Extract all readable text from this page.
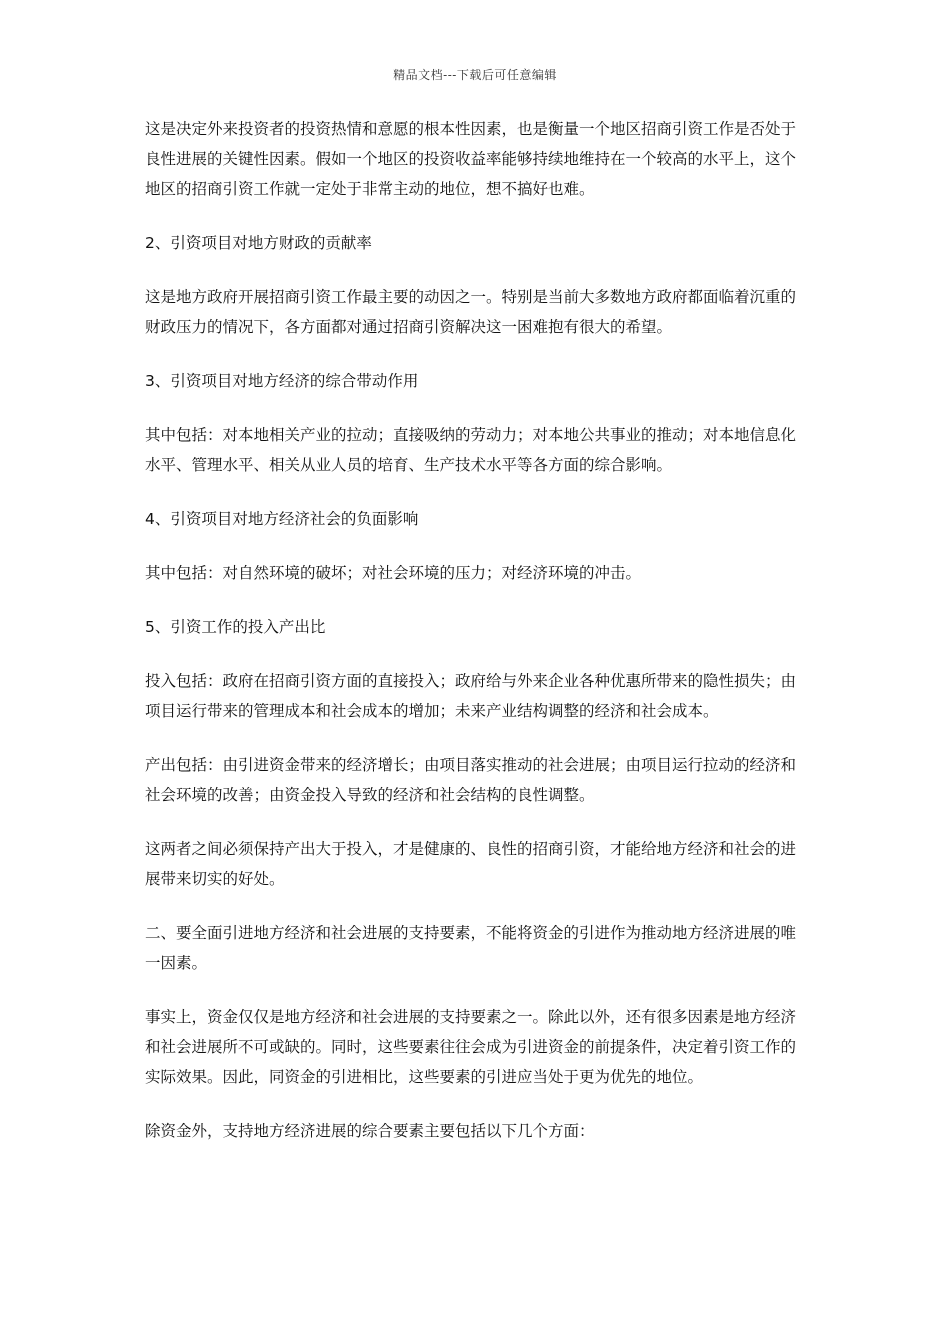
精品文档---下载后可任意编辑

这是决定外来投资者的投资热情和意愿的根本性因素，也是衡量一个地区招商引资工作是否处于良性进展的关键性因素。假如一个地区的投资收益率能够持续地维持在一个较高的水平上，这个地区的招商引资工作就一定处于非常主动的地位，想不搞好也难。

2、引资项目对地方财政的贡献率

这是地方政府开展招商引资工作最主要的动因之一。特别是当前大多数地方政府都面临着沉重的财政压力的情况下，各方面都对通过招商引资解决这一困难抱有很大的希望。

3、引资项目对地方经济的综合带动作用

其中包括：对本地相关产业的拉动；直接吸纳的劳动力；对本地公共事业的推动；对本地信息化水平、管理水平、相关从业人员的培育、生产技术水平等各方面的综合影响。

4、引资项目对地方经济社会的负面影响

其中包括：对自然环境的破坏；对社会环境的压力；对经济环境的冲击。

5、引资工作的投入产出比

投入包括：政府在招商引资方面的直接投入；政府给与外来企业各种优惠所带来的隐性损失；由项目运行带来的管理成本和社会成本的增加；未来产业结构调整的经济和社会成本。

产出包括：由引进资金带来的经济增长；由项目落实推动的社会进展；由项目运行拉动的经济和社会环境的改善；由资金投入导致的经济和社会结构的良性调整。

这两者之间必须保持产出大于投入，才是健康的、良性的招商引资，才能给地方经济和社会的进展带来切实的好处。

二、要全面引进地方经济和社会进展的支持要素，不能将资金的引进作为推动地方经济进展的唯一因素。

事实上，资金仅仅是地方经济和社会进展的支持要素之一。除此以外，还有很多因素是地方经济和社会进展所不可或缺的。同时，这些要素往往会成为引进资金的前提条件，决定着引资工作的实际效果。因此，同资金的引进相比，这些要素的引进应当处于更为优先的地位。

除资金外，支持地方经济进展的综合要素主要包括以下几个方面：
